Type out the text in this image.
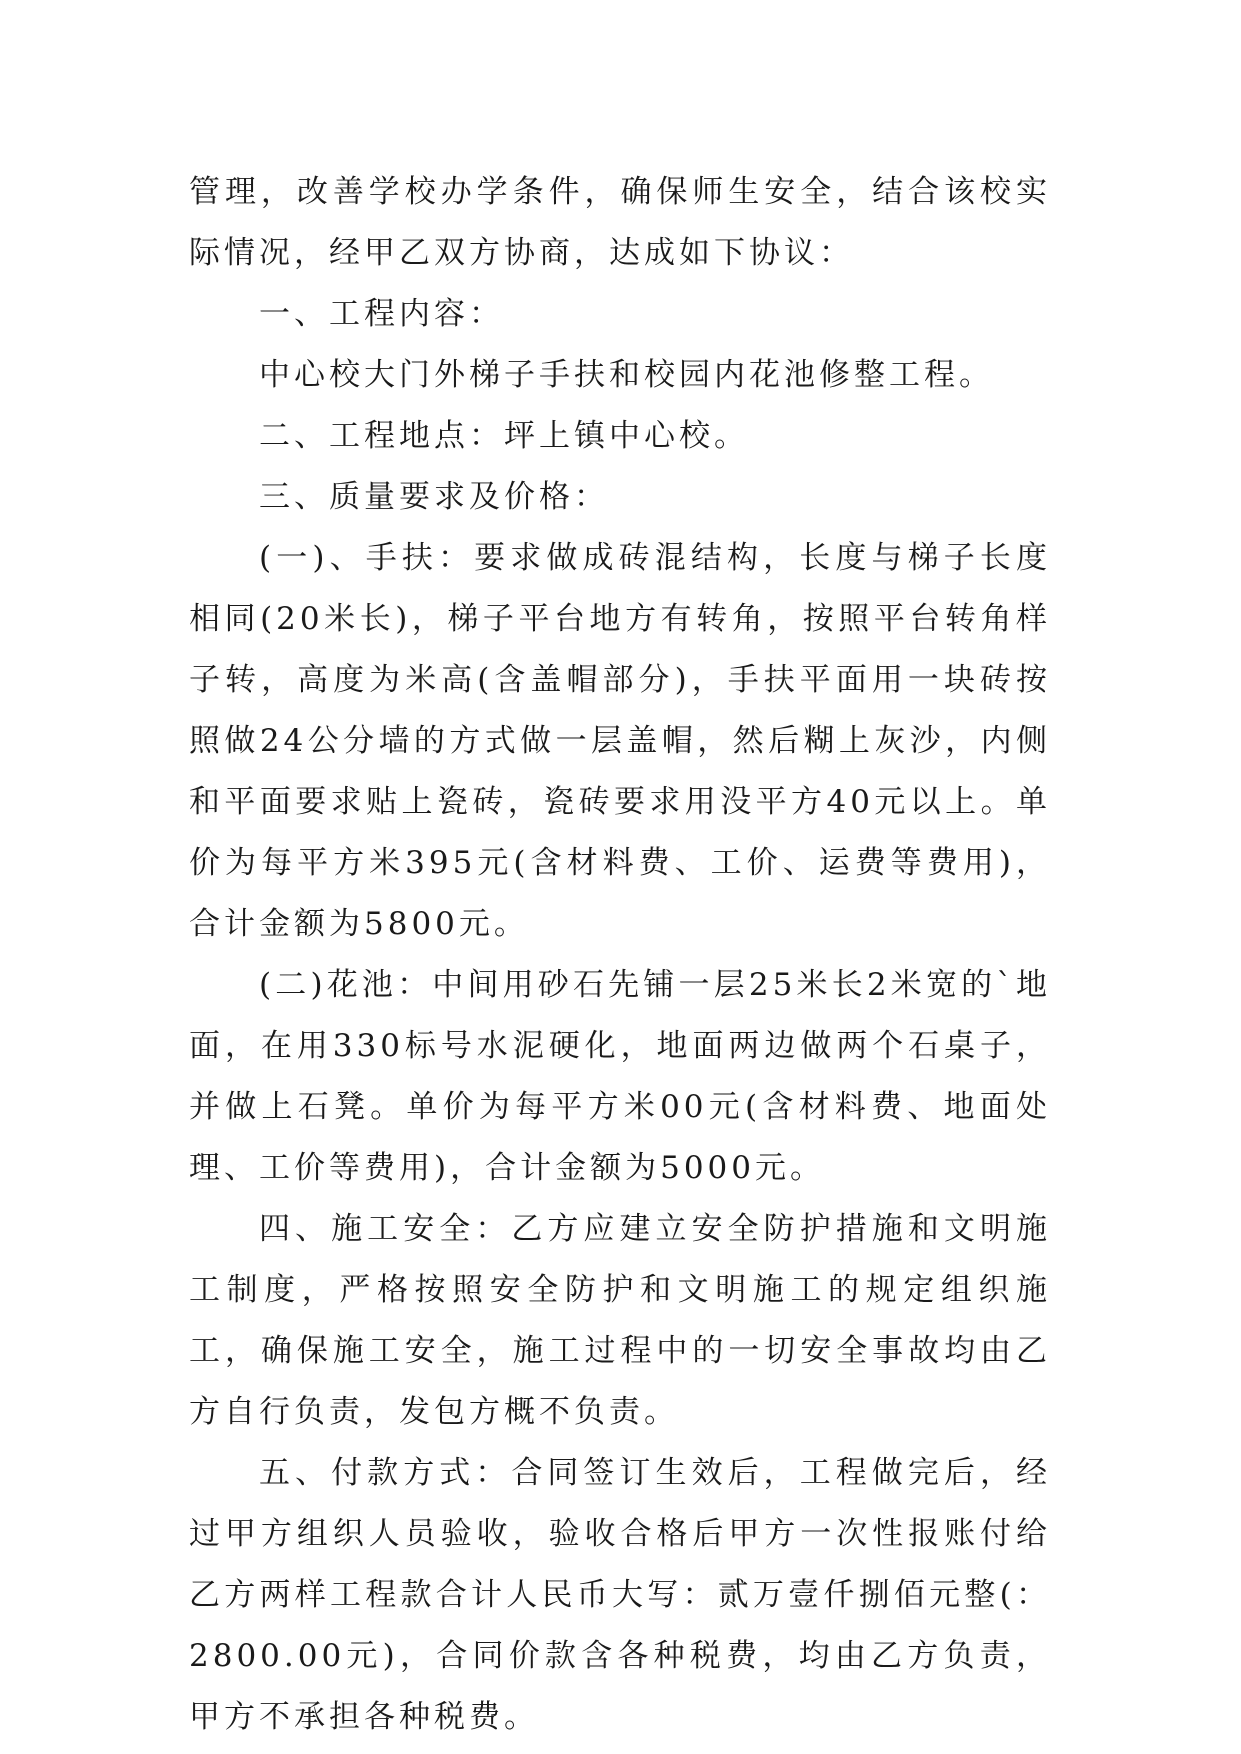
管理，改善学校办学条件，确保师生安全，结合该校实际情况，经甲乙双方协商，达成如下协议：

一、工程内容：

中心校大门外梯子手扶和校园内花池修整工程。

二、工程地点：坪上镇中心校。

三、质量要求及价格：

(一)、手扶：要求做成砖混结构，长度与梯子长度相同(20米长)，梯子平台地方有转角，按照平台转角样子转，高度为米高(含盖帽部分)，手扶平面用一块砖按照做24公分墙的方式做一层盖帽，然后糊上灰沙，内侧和平面要求贴上瓷砖，瓷砖要求用没平方40元以上。单价为每平方米395元(含材料费、工价、运费等费用)，合计金额为5800元。

(二)花池：中间用砂石先铺一层25米长2米宽的`地面，在用330标号水泥硬化，地面两边做两个石桌子，并做上石凳。单价为每平方米00元(含材料费、地面处理、工价等费用)，合计金额为5000元。

四、施工安全：乙方应建立安全防护措施和文明施工制度，严格按照安全防护和文明施工的规定组织施工，确保施工安全，施工过程中的一切安全事故均由乙方自行负责，发包方概不负责。

五、付款方式：合同签订生效后，工程做完后，经过甲方组织人员验收，验收合格后甲方一次性报账付给乙方两样工程款合计人民币大写：贰万壹仟捌佰元整(：2800.00元)，合同价款含各种税费，均由乙方负责，甲方不承担各种税费。
